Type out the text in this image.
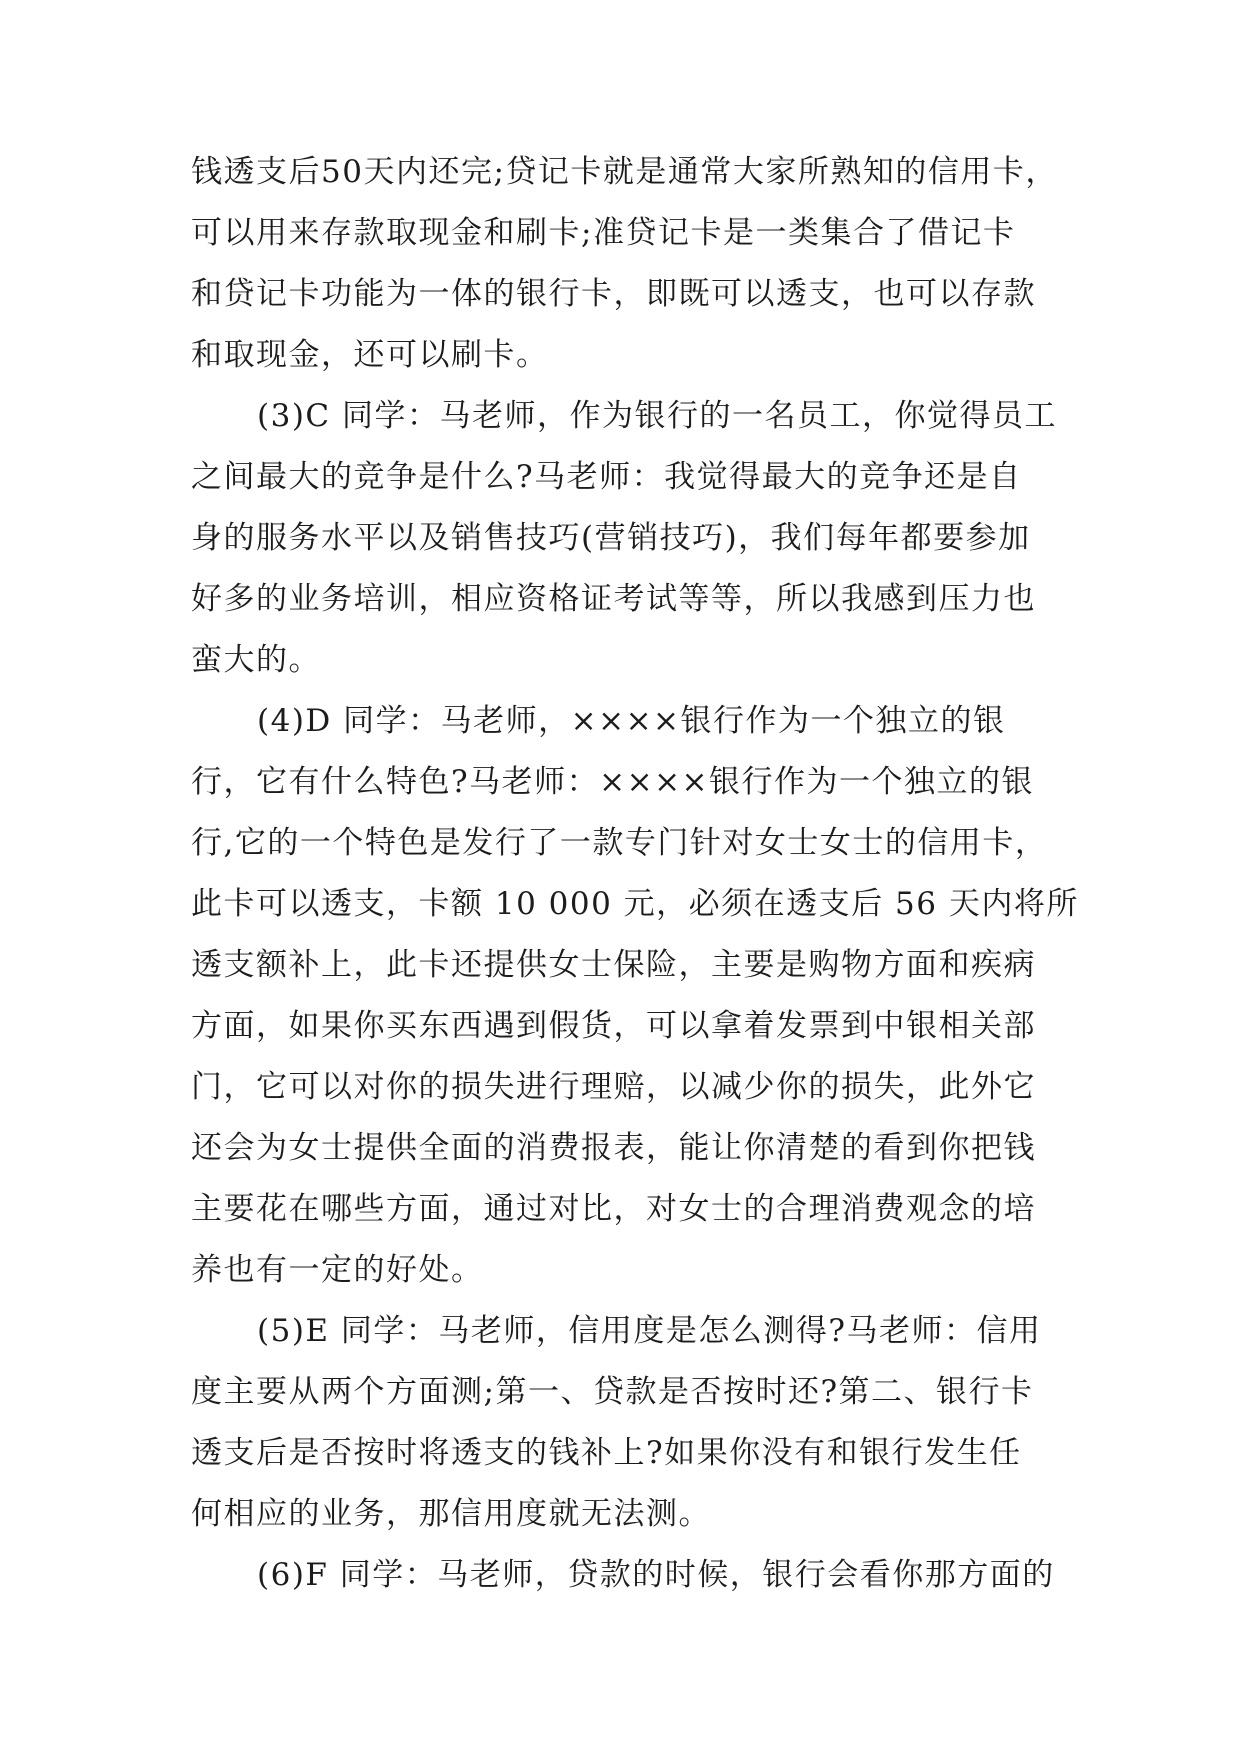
钱透支后50天内还完;贷记卡就是通常大家所熟知的信用卡，
可以用来存款取现金和刷卡;准贷记卡是一类集合了借记卡
和贷记卡功能为一体的银行卡，即既可以透支，也可以存款
和取现金，还可以刷卡。
(3)C 同学：马老师，作为银行的一名员工，你觉得员工
之间最大的竞争是什么?马老师：我觉得最大的竞争还是自
身的服务水平以及销售技巧(营销技巧)，我们每年都要参加
好多的业务培训，相应资格证考试等等，所以我感到压力也
蛮大的。
(4)D 同学：马老师，××××银行作为一个独立的银
行，它有什么特色?马老师：××××银行作为一个独立的银
行,它的一个特色是发行了一款专门针对女士女士的信用卡，
此卡可以透支，卡额 10 000 元，必须在透支后 56 天内将所
透支额补上，此卡还提供女士保险，主要是购物方面和疾病
方面，如果你买东西遇到假货，可以拿着发票到中银相关部
门，它可以对你的损失进行理赔，以减少你的损失，此外它
还会为女士提供全面的消费报表，能让你清楚的看到你把钱
主要花在哪些方面，通过对比，对女士的合理消费观念的培
养也有一定的好处。
(5)E 同学：马老师，信用度是怎么测得?马老师：信用
度主要从两个方面测;第一、贷款是否按时还?第二、银行卡
透支后是否按时将透支的钱补上?如果你没有和银行发生任
何相应的业务，那信用度就无法测。
(6)F 同学：马老师，贷款的时候，银行会看你那方面的
